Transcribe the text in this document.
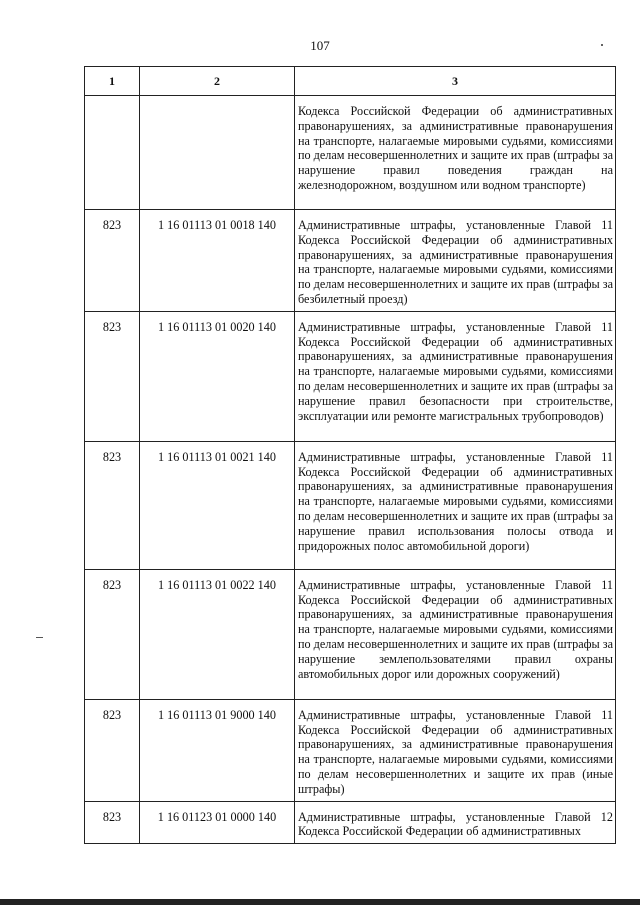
107
1	2	3

		Кодекса Российской Федерации об административных правонарушениях, за административные правонарушения на транспорте, налагаемые мировыми судьями, комиссиями по делам несовершеннолетних и защите их прав (штрафы за нарушение правил поведения граждан на железнодорожном, воздушном или водном транспорте)

823	1 16 01113 01 0018 140	Административные штрафы, установленные Главой 11 Кодекса Российской Федерации об административных правонарушениях, за административные правонарушения на транспорте, налагаемые мировыми судьями, комиссиями по делам несовершеннолетних и защите их прав (штрафы за безбилетный проезд)

823	1 16 01113 01 0020 140	Административные штрафы, установленные Главой 11 Кодекса Российской Федерации об административных правонарушениях, за административные правонарушения на транспорте, налагаемые мировыми судьями, комиссиями по делам несовершеннолетних и защите их прав (штрафы за нарушение правил безопасности при строительстве, эксплуатации или ремонте магистральных трубопроводов)

823	1 16 01113 01 0021 140	Административные штрафы, установленные Главой 11 Кодекса Российской Федерации об административных правонарушениях, за административные правонарушения на транспорте, налагаемые мировыми судьями, комиссиями по делам несовершеннолетних и защите их прав (штрафы за нарушение правил использования полосы отвода и придорожных полос автомобильной дороги)

823	1 16 01113 01 0022 140	Административные штрафы, установленные Главой 11 Кодекса Российской Федерации об административных правонарушениях, за административные правонарушения на транспорте, налагаемые мировыми судьями, комиссиями по делам несовершеннолетних и защите их прав (штрафы за нарушение землепользователями правил охраны автомобильных дорог или дорожных сооружений)

823	1 16 01113 01 9000 140	Административные штрафы, установленные Главой 11 Кодекса Российской Федерации об административных правонарушениях, за административные правонарушения на транспорте, налагаемые мировыми судьями, комиссиями по делам несовершеннолетних и защите их прав (иные штрафы)

823	1 16 01123 01 0000 140	Административные штрафы, установленные Главой 12 Кодекса Российской Федерации об административных
